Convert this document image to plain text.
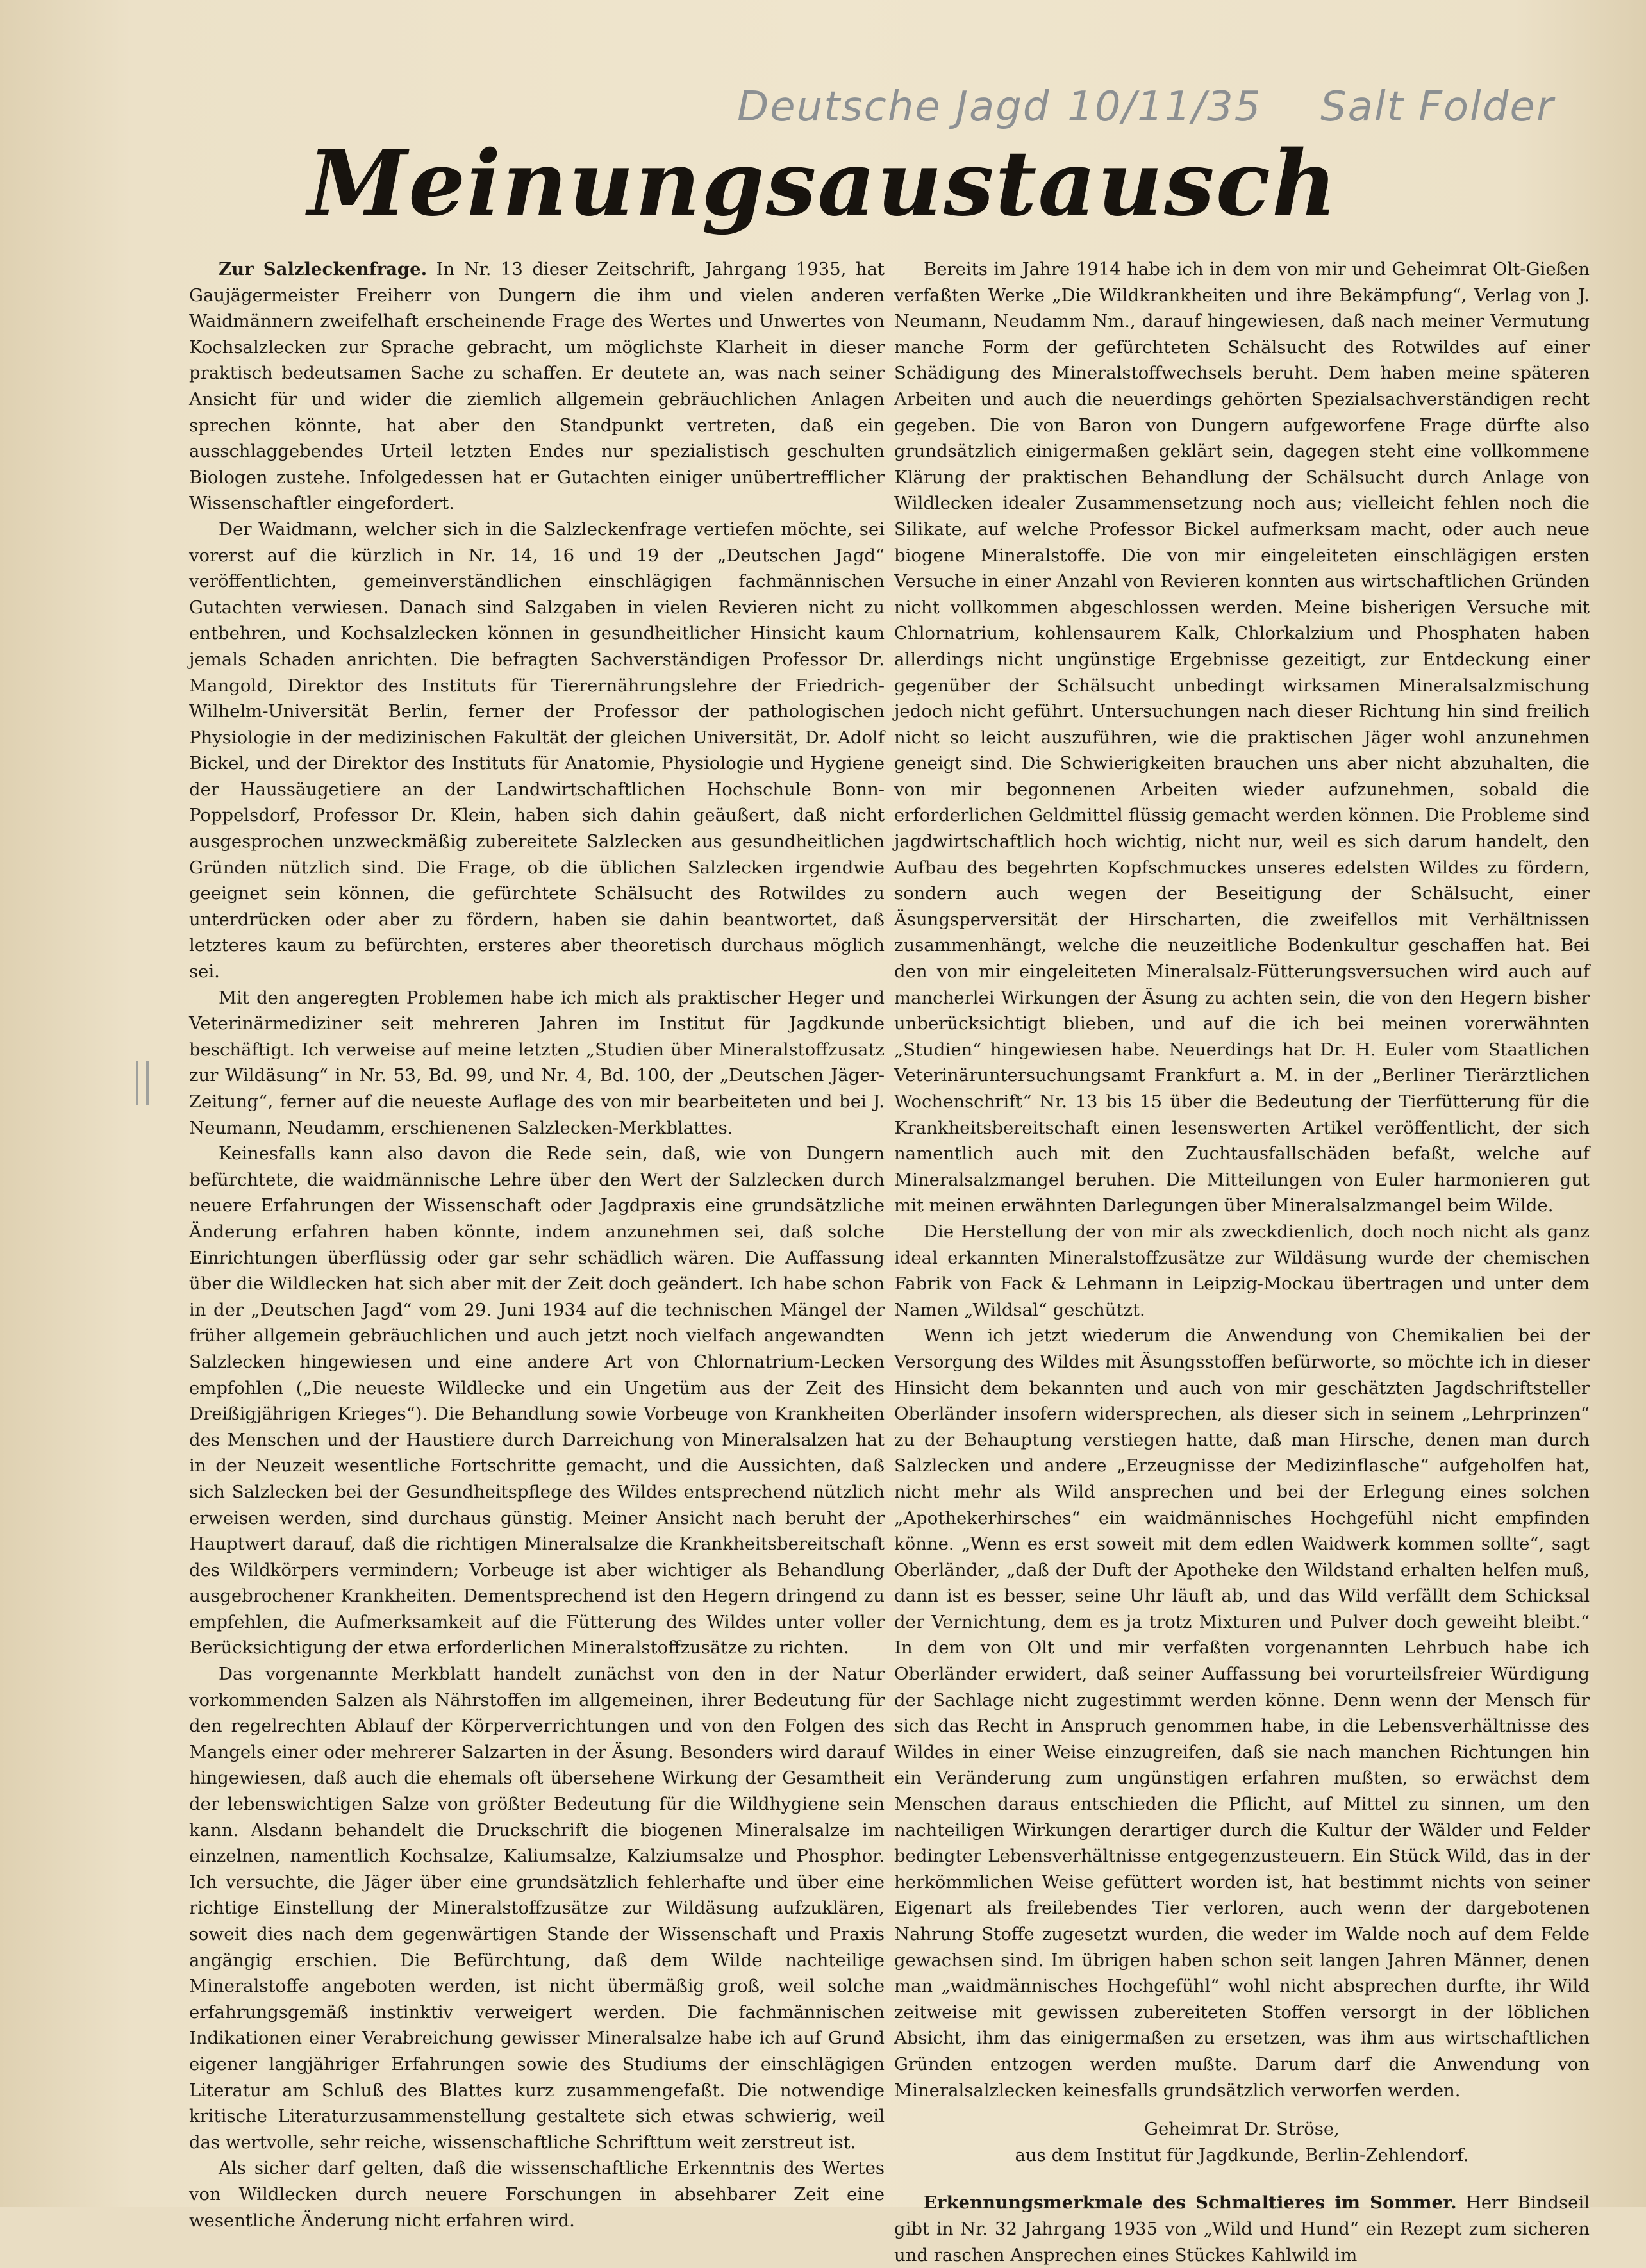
Deutsche Jagd 10/11/35 Salt Folder
Meinungsaustausch

Zur Salzleckenfrage. In Nr. 13 dieser Zeitschrift, Jahrgang 1935, hat Gaujägermeister Freiherr von Dungern die ihm und vielen anderen Waidmännern zweifelhaft erscheinende Frage des Wertes und Unwertes von Kochsalzlecken zur Sprache gebracht, um möglichste Klarheit in dieser praktisch bedeutsamen Sache zu schaffen. Er deutete an, was nach seiner Ansicht für und wider die ziemlich allgemein gebräuchlichen Anlagen sprechen könnte, hat aber den Standpunkt vertreten, daß ein ausschlaggebendes Urteil letzten Endes nur spezialistisch geschulten Biologen zustehe. Infolgedessen hat er Gutachten einiger unübertrefflicher Wissenschaftler eingefordert.

Der Waidmann, welcher sich in die Salzleckenfrage vertiefen möchte, sei vorerst auf die kürzlich in Nr. 14, 16 und 19 der „Deutschen Jagd“ veröffentlichten, gemeinverständlichen einschlägigen fachmännischen Gutachten verwiesen. Danach sind Salzgaben in vielen Revieren nicht zu entbehren, und Kochsalzlecken können in gesundheitlicher Hinsicht kaum jemals Schaden anrichten. Die befragten Sachverständigen Professor Dr. Mangold, Direktor des Instituts für Tierernährungslehre der Friedrich-Wilhelm-Universität Berlin, ferner der Professor der pathologischen Physiologie in der medizinischen Fakultät der gleichen Universität, Dr. Adolf Bickel, und der Direktor des Instituts für Anatomie, Physiologie und Hygiene der Haussäugetiere an der Landwirtschaftlichen Hochschule Bonn-Poppelsdorf, Professor Dr. Klein, haben sich dahin geäußert, daß nicht ausgesprochen unzweckmäßig zubereitete Salzlecken aus gesundheitlichen Gründen nützlich sind. Die Frage, ob die üblichen Salzlecken irgendwie geeignet sein können, die gefürchtete Schälsucht des Rotwildes zu unterdrücken oder aber zu fördern, haben sie dahin beantwortet, daß letzteres kaum zu befürchten, ersteres aber theoretisch durchaus möglich sei.

Mit den angeregten Problemen habe ich mich als praktischer Heger und Veterinärmediziner seit mehreren Jahren im Institut für Jagdkunde beschäftigt. Ich verweise auf meine letzten „Studien über Mineralstoffzusatz zur Wildäsung“ in Nr. 53, Bd. 99, und Nr. 4, Bd. 100, der „Deutschen Jäger-Zeitung“, ferner auf die neueste Auflage des von mir bearbeiteten und bei J. Neumann, Neudamm, erschienenen Salzlecken-Merkblattes.

Keinesfalls kann also davon die Rede sein, daß, wie von Dungern befürchtete, die waidmännische Lehre über den Wert der Salzlecken durch neuere Erfahrungen der Wissenschaft oder Jagdpraxis eine grundsätzliche Änderung erfahren haben könnte, indem anzunehmen sei, daß solche Einrichtungen überflüssig oder gar sehr schädlich wären. Die Auffassung über die Wildlecken hat sich aber mit der Zeit doch geändert. Ich habe schon in der „Deutschen Jagd“ vom 29. Juni 1934 auf die technischen Mängel der früher allgemein gebräuchlichen und auch jetzt noch vielfach angewandten Salzlecken hingewiesen und eine andere Art von Chlornatrium-Lecken empfohlen („Die neueste Wildlecke und ein Ungetüm aus der Zeit des Dreißigjährigen Krieges“). Die Behandlung sowie Vorbeuge von Krankheiten des Menschen und der Haustiere durch Darreichung von Mineralsalzen hat in der Neuzeit wesentliche Fortschritte gemacht, und die Aussichten, daß sich Salzlecken bei der Gesundheitspflege des Wildes entsprechend nützlich erweisen werden, sind durchaus günstig. Meiner Ansicht nach beruht der Hauptwert darauf, daß die richtigen Mineralsalze die Krankheitsbereitschaft des Wildkörpers vermindern; Vorbeuge ist aber wichtiger als Behandlung ausgebrochener Krankheiten. Dementsprechend ist den Hegern dringend zu empfehlen, die Aufmerksamkeit auf die Fütterung des Wildes unter voller Berücksichtigung der etwa erforderlichen Mineralstoffzusätze zu richten.

Das vorgenannte Merkblatt handelt zunächst von den in der Natur vorkommenden Salzen als Nährstoffen im allgemeinen, ihrer Bedeutung für den regelrechten Ablauf der Körperverrichtungen und von den Folgen des Mangels einer oder mehrerer Salzarten in der Äsung. Besonders wird darauf hingewiesen, daß auch die ehemals oft übersehene Wirkung der Gesamtheit der lebenswichtigen Salze von größter Bedeutung für die Wildhygiene sein kann. Alsdann behandelt die Druckschrift die biogenen Mineralsalze im einzelnen, namentlich Kochsalze, Kaliumsalze, Kalziumsalze und Phosphor. Ich versuchte, die Jäger über eine grundsätzlich fehlerhafte und über eine richtige Einstellung der Mineralstoffzusätze zur Wildäsung aufzuklären, soweit dies nach dem gegenwärtigen Stande der Wissenschaft und Praxis angängig erschien. Die Befürchtung, daß dem Wilde nachteilige Mineralstoffe angeboten werden, ist nicht übermäßig groß, weil solche erfahrungsgemäß instinktiv verweigert werden. Die fachmännischen Indikationen einer Verabreichung gewisser Mineralsalze habe ich auf Grund eigener langjähriger Erfahrungen sowie des Studiums der einschlägigen Literatur am Schluß des Blattes kurz zusammengefaßt. Die notwendige kritische Literaturzusammenstellung gestaltete sich etwas schwierig, weil das wertvolle, sehr reiche, wissenschaftliche Schrifttum weit zerstreut ist.

Als sicher darf gelten, daß die wissenschaftliche Erkenntnis des Wertes von Wildlecken durch neuere Forschungen in absehbarer Zeit eine wesentliche Änderung nicht erfahren wird.

Bereits im Jahre 1914 habe ich in dem von mir und Geheimrat Olt-Gießen verfaßten Werke „Die Wildkrankheiten und ihre Bekämpfung“, Verlag von J. Neumann, Neudamm Nm., darauf hingewiesen, daß nach meiner Vermutung manche Form der gefürchteten Schälsucht des Rotwildes auf einer Schädigung des Mineralstoffwechsels beruht. Dem haben meine späteren Arbeiten und auch die neuerdings gehörten Spezialsachverständigen recht gegeben. Die von Baron von Dungern aufgeworfene Frage dürfte also grundsätzlich einigermaßen geklärt sein, dagegen steht eine vollkommene Klärung der praktischen Behandlung der Schälsucht durch Anlage von Wildlecken idealer Zusammensetzung noch aus; vielleicht fehlen noch die Silikate, auf welche Professor Bickel aufmerksam macht, oder auch neue biogene Mineralstoffe. Die von mir eingeleiteten einschlägigen ersten Versuche in einer Anzahl von Revieren konnten aus wirtschaftlichen Gründen nicht vollkommen abgeschlossen werden. Meine bisherigen Versuche mit Chlornatrium, kohlensaurem Kalk, Chlorkalzium und Phosphaten haben allerdings nicht ungünstige Ergebnisse gezeitigt, zur Entdeckung einer gegenüber der Schälsucht unbedingt wirksamen Mineralsalzmischung jedoch nicht geführt. Untersuchungen nach dieser Richtung hin sind freilich nicht so leicht auszuführen, wie die praktischen Jäger wohl anzunehmen geneigt sind. Die Schwierigkeiten brauchen uns aber nicht abzuhalten, die von mir begonnenen Arbeiten wieder aufzunehmen, sobald die erforderlichen Geldmittel flüssig gemacht werden können. Die Probleme sind jagdwirtschaftlich hoch wichtig, nicht nur, weil es sich darum handelt, den Aufbau des begehrten Kopfschmuckes unseres edelsten Wildes zu fördern, sondern auch wegen der Beseitigung der Schälsucht, einer Äsungsperversität der Hirscharten, die zweifellos mit Verhältnissen zusammenhängt, welche die neuzeitliche Bodenkultur geschaffen hat. Bei den von mir eingeleiteten Mineralsalz-Fütterungsversuchen wird auch auf mancherlei Wirkungen der Äsung zu achten sein, die von den Hegern bisher unberücksichtigt blieben, und auf die ich bei meinen vorerwähnten „Studien“ hingewiesen habe. Neuerdings hat Dr. H. Euler vom Staatlichen Veterinäruntersuchungsamt Frankfurt a. M. in der „Berliner Tierärztlichen Wochenschrift“ Nr. 13 bis 15 über die Bedeutung der Tierfütterung für die Krankheitsbereitschaft einen lesenswerten Artikel veröffentlicht, der sich namentlich auch mit den Zuchtausfallschäden befaßt, welche auf Mineralsalzmangel beruhen. Die Mitteilungen von Euler harmonieren gut mit meinen erwähnten Darlegungen über Mineralsalzmangel beim Wilde.

Die Herstellung der von mir als zweckdienlich, doch noch nicht als ganz ideal erkannten Mineralstoffzusätze zur Wildäsung wurde der chemischen Fabrik von Fack & Lehmann in Leipzig-Mockau übertragen und unter dem Namen „Wildsal“ geschützt.

Wenn ich jetzt wiederum die Anwendung von Chemikalien bei der Versorgung des Wildes mit Äsungsstoffen befürworte, so möchte ich in dieser Hinsicht dem bekannten und auch von mir geschätzten Jagdschriftsteller Oberländer insofern widersprechen, als dieser sich in seinem „Lehrprinzen“ zu der Behauptung verstiegen hatte, daß man Hirsche, denen man durch Salzlecken und andere „Erzeugnisse der Medizinflasche“ aufgeholfen hat, nicht mehr als Wild ansprechen und bei der Erlegung eines solchen „Apothekerhirsches“ ein waidmännisches Hochgefühl nicht empfinden könne. „Wenn es erst soweit mit dem edlen Waidwerk kommen sollte“, sagt Oberländer, „daß der Duft der Apotheke den Wildstand erhalten helfen muß, dann ist es besser, seine Uhr läuft ab, und das Wild verfällt dem Schicksal der Vernichtung, dem es ja trotz Mixturen und Pulver doch geweiht bleibt.“ In dem von Olt und mir verfaßten vorgenannten Lehrbuch habe ich Oberländer erwidert, daß seiner Auffassung bei vorurteilsfreier Würdigung der Sachlage nicht zugestimmt werden könne. Denn wenn der Mensch für sich das Recht in Anspruch genommen habe, in die Lebensverhältnisse des Wildes in einer Weise einzugreifen, daß sie nach manchen Richtungen hin ein Veränderung zum ungünstigen erfahren mußten, so erwächst dem Menschen daraus entschieden die Pflicht, auf Mittel zu sinnen, um den nachteiligen Wirkungen derartiger durch die Kultur der Wälder und Felder bedingter Lebensverhältnisse entgegenzusteuern. Ein Stück Wild, das in der herkömmlichen Weise gefüttert worden ist, hat bestimmt nichts von seiner Eigenart als freilebendes Tier verloren, auch wenn der dargebotenen Nahrung Stoffe zugesetzt wurden, die weder im Walde noch auf dem Felde gewachsen sind. Im übrigen haben schon seit langen Jahren Männer, denen man „waidmännisches Hochgefühl“ wohl nicht absprechen durfte, ihr Wild zeitweise mit gewissen zubereiteten Stoffen versorgt in der löblichen Absicht, ihm das einigermaßen zu ersetzen, was ihm aus wirtschaftlichen Gründen entzogen werden mußte. Darum darf die Anwendung von Mineralsalzlecken keinesfalls grundsätzlich verworfen werden.

Geheimrat Dr. Ströse,

aus dem Institut für Jagdkunde, Berlin-Zehlendorf.

Erkennungsmerkmale des Schmaltieres im Sommer. Herr Bindseil gibt in Nr. 32 Jahrgang 1935 von „Wild und Hund“ ein Rezept zum sicheren und raschen Ansprechen eines Stückes Kahlwild im
